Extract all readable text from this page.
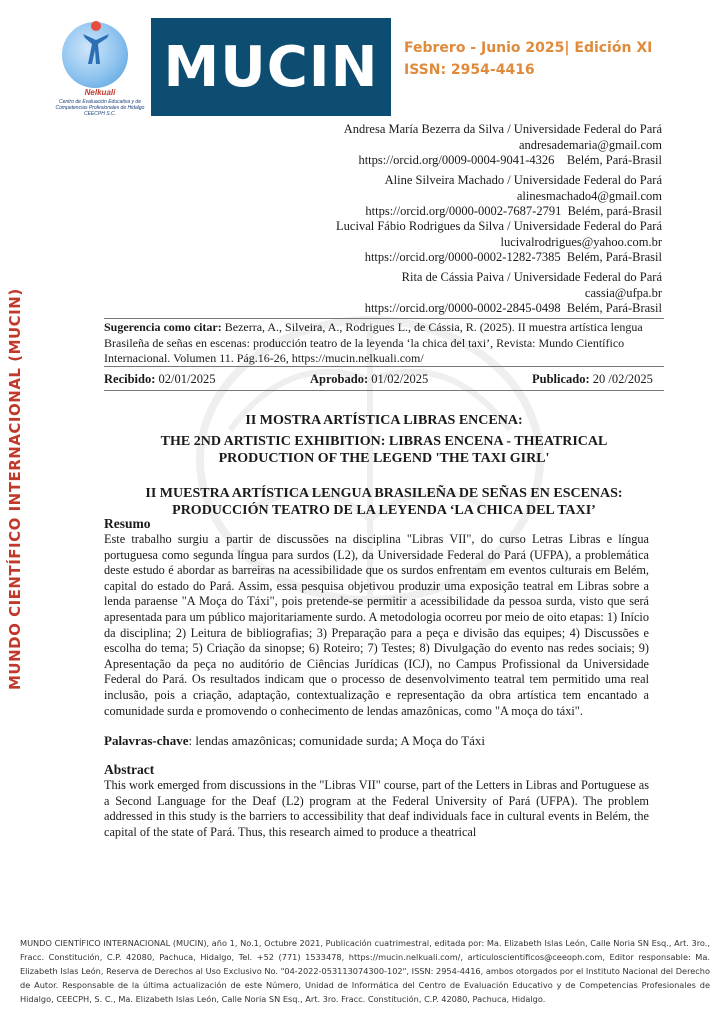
Nelkuali
Centro de Evaluación Educativa y de Competencias Profesionales de Hidalgo CEECPH S.C.
MUCIN	Febrero - Junio 2025| Edición XI
ISSN: 2954-4416
MUNDO CIENTÍFICO INTERNACIONAL (MUCIN)
Andresa María Bezerra da Silva / Universidade Federal do Pará
andresademaria@gmail.com
https://orcid.org/0009-0004-9041-4326 Belém, Pará-Brasil
Aline Silveira Machado / Universidade Federal do Pará
alinesmachado4@gmail.com
https://orcid.org/0000-0002-7687-2791 Belém, pará-Brasil
Lucival Fábio Rodrigues da Silva / Universidade Federal do Pará
lucivalrodrigues@yahoo.com.br
https://orcid.org/0000-0002-1282-7385 Belém, Pará-Brasil
Rita de Cássia Paiva / Universidade Federal do Pará
cassia@ufpa.br
https://orcid.org/0000-0002-2845-0498 Belém, Pará-Brasil
Sugerencia como citar: Bezerra, A., Silveira, A., Rodrigues L., de Cássia, R. (2025). II muestra artística lengua Brasileña de señas en escenas: producción teatro de la leyenda ‘la chica del taxi’, Revista: Mundo Científico Internacional. Volumen 11. Pág.16-26, https://mucin.nelkuali.com/
Recibido: 02/01/2025	Aprobado: 01/02/2025	Publicado: 20 /02/2025
II MOSTRA ARTÍSTICA LIBRAS ENCENA:
THE 2ND ARTISTIC EXHIBITION: LIBRAS ENCENA - THEATRICAL
PRODUCTION OF THE LEGEND 'THE TAXI GIRL'
II MUESTRA ARTÍSTICA LENGUA BRASILEÑA DE SEÑAS EN ESCENAS:
PRODUCCIÓN TEATRO DE LA LEYENDA ‘LA CHICA DEL TAXI’
Resumo
Este trabalho surgiu a partir de discussões na disciplina "Libras VII", do curso Letras Libras e língua portuguesa como segunda língua para surdos (L2), da Universidade Federal do Pará (UFPA), a problemática deste estudo é abordar as barreiras na acessibilidade que os surdos enfrentam em eventos culturais em Belém, capital do estado do Pará. Assim, essa pesquisa objetivou produzir uma exposição teatral em Libras sobre a lenda paraense "A Moça do Táxi", pois pretende-se permitir a acessibilidade da pessoa surda, visto que será apresentada para um público majoritariamente surdo. A metodologia ocorreu por meio de oito etapas: 1) Início da disciplina; 2) Leitura de bibliografias; 3) Preparação para a peça e divisão das equipes; 4) Discussões e escolha do tema; 5) Criação da sinopse; 6) Roteiro; 7) Testes; 8) Divulgação do evento nas redes sociais; 9) Apresentação da peça no auditório de Ciências Jurídicas (ICJ), no Campus Profissional da Universidade Federal do Pará. Os resultados indicam que o processo de desenvolvimento teatral tem permitido uma real inclusão, pois a criação, adaptação, contextualização e representação da obra artística tem encantado a comunidade surda e promovendo o conhecimento de lendas amazônicas, como "A moça do táxi".
Palavras-chave: lendas amazônicas; comunidade surda; A Moça do Táxi
Abstract
This work emerged from discussions in the "Libras VII" course, part of the Letters in Libras and Portuguese as a Second Language for the Deaf (L2) program at the Federal University of Pará (UFPA). The problem addressed in this study is the barriers to accessibility that deaf individuals face in cultural events in Belém, the capital of the state of Pará. Thus, this research aimed to produce a theatrical
MUNDO CIENTÍFICO INTERNACIONAL (MUCIN), año 1, No.1, Octubre 2021, Publicación cuatrimestral, editada por: Ma. Elizabeth Islas León, Calle Noria SN Esq., Art. 3ro., Fracc. Constitución, C.P. 42080, Pachuca, Hidalgo, Tel. +52 (771) 1533478, https://mucin.nelkuali.com/, articuloscientificos@ceeoph.com, Editor responsable: Ma. Elizabeth Islas León, Reserva de Derechos al Uso Exclusivo No. "04-2022-053113074300-102", ISSN: 2954-4416, ambos otorgados por el Instituto Nacional del Derecho de Autor. Responsable de la última actualización de este Número, Unidad de Informática del Centro de Evaluación Educativo y de Competencias Profesionales de Hidalgo, CEECPH, S. C., Ma. Elizabeth Islas León, Calle Noria SN Esq., Art. 3ro. Fracc. Constitución, C.P. 42080, Pachuca, Hidalgo.
